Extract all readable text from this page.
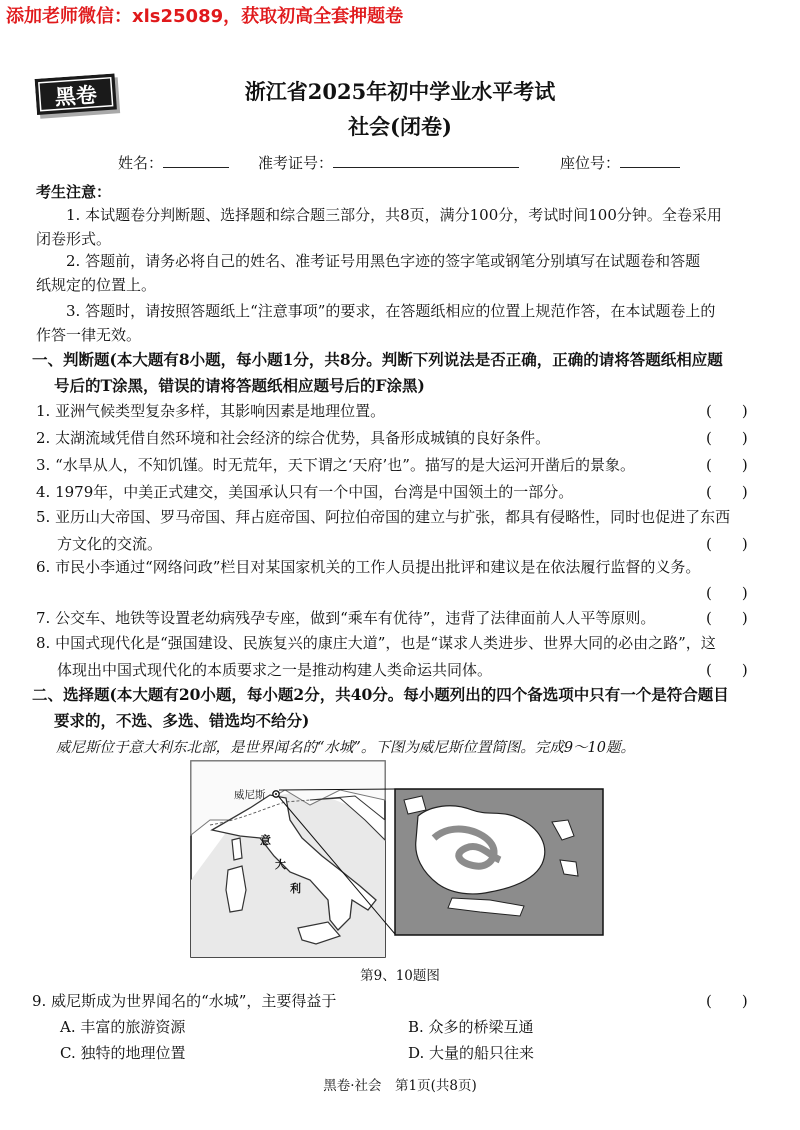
添加老师微信：xls25089，获取初高全套押题卷
黑卷	浙江省2025年初中学业水平考试
社会(闭卷)
姓名：	准考证号：	座位号：
考生注意：
1. 本试题卷分判断题、选择题和综合题三部分，共8页，满分100分，考试时间100分钟。全卷采用
闭卷形式。
2. 答题前，请务必将自己的姓名、准考证号用黑色字迹的签字笔或钢笔分别填写在试题卷和答题
纸规定的位置上。
3. 答题时，请按照答题纸上“注意事项”的要求，在答题纸相应的位置上规范作答，在本试题卷上的
作答一律无效。
一、判断题(本大题有8小题，每小题1分，共8分。判断下列说法是否正确，正确的请将答题纸相应题
号后的T涂黑，错误的请将答题纸相应题号后的F涂黑)
1. 亚洲气候类型复杂多样，其影响因素是地理位置。	(　　)
2. 太湖流域凭借自然环境和社会经济的综合优势，具备形成城镇的良好条件。	(　　)
3. “水旱从人，不知饥馑。时无荒年，天下谓之‘天府’也”。描写的是大运河开凿后的景象。	(　　)
4. 1979年，中美正式建交，美国承认只有一个中国，台湾是中国领土的一部分。	(　　)
5. 亚历山大帝国、罗马帝国、拜占庭帝国、阿拉伯帝国的建立与扩张，都具有侵略性，同时也促进了东西
方文化的交流。	(　　)
6. 市民小李通过“网络问政”栏目对某国家机关的工作人员提出批评和建议是在依法履行监督的义务。
(　　)
7. 公交车、地铁等设置老幼病残孕专座，做到“乘车有优待”，违背了法律面前人人平等原则。	(　　)
8. 中国式现代化是“强国建设、民族复兴的康庄大道”，也是“谋求人类进步、世界大同的必由之路”，这
体现出中国式现代化的本质要求之一是推动构建人类命运共同体。	(　　)
二、选择题(本大题有20小题，每小题2分，共40分。每小题列出的四个备选项中只有一个是符合题目
要求的，不选、多选、错选均不给分)
威尼斯位于意大利东北部，是世界闻名的“水城”。下图为威尼斯位置简图。完成9～10题。
威尼斯
意
大
利
第9、10题图
9. 威尼斯成为世界闻名的“水城”，主要得益于	(　　)
A. 丰富的旅游资源	B. 众多的桥梁互通
C. 独特的地理位置	D. 大量的船只往来
黑卷·社会　第1页(共8页)
